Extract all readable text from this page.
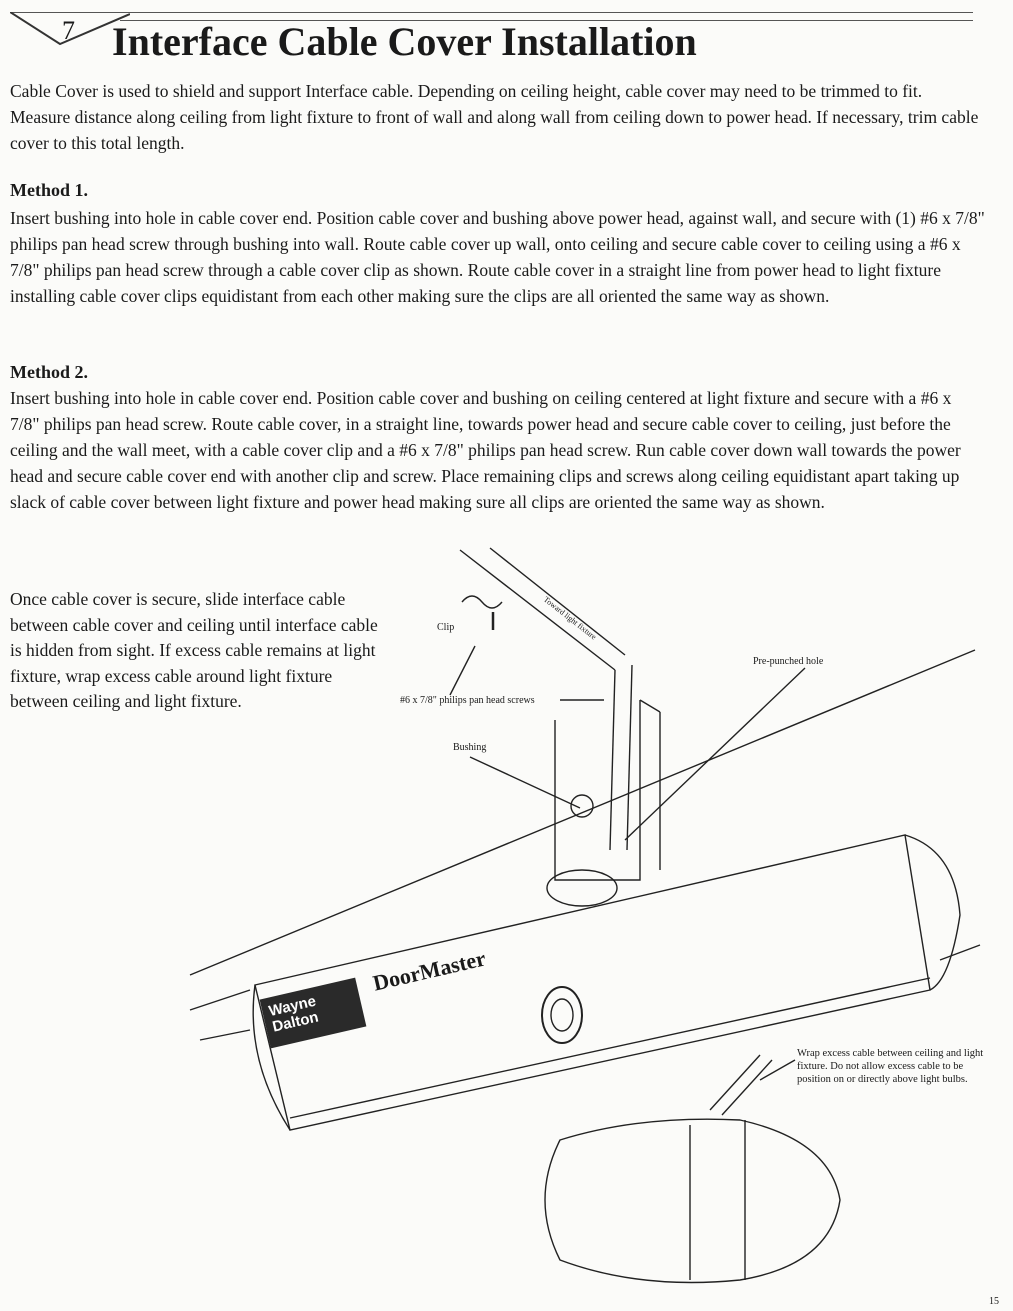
7 Interface Cable Cover Installation

Cable Cover is used to shield and support Interface cable. Depending on ceiling height, cable cover may need to be trimmed to fit. Measure distance along ceiling from light fixture to front of wall and along wall from ceiling down to power head. If necessary, trim cable cover to this total length.

Method 1.

Insert bushing into hole in cable cover end. Position cable cover and bushing above power head, against wall, and secure with (1) #6 x 7/8" philips pan head screw through bushing into wall. Route cable cover up wall, onto ceiling and secure cable cover to ceiling using a #6 x 7/8" philips pan head screw through a cable cover clip as shown. Route cable cover in a straight line from power head to light fixture installing cable cover clips equidistant from each other making sure the clips are all oriented the same way as shown.

Method 2.

Insert bushing into hole in cable cover end. Position cable cover and bushing on ceiling centered at light fixture and secure with a #6 x 7/8" philips pan head screw. Route cable cover, in a straight line, towards power head and secure cable cover to ceiling, just before the ceiling and the wall meet, with a cable cover clip and a #6 x 7/8" philips pan head screw. Run cable cover down wall towards the power head and secure cable cover end with another clip and screw. Place remaining clips and screws along ceiling equidistant apart taking up slack of cable cover between light fixture and power head making sure all clips are oriented the same way as shown.

Once cable cover is secure, slide interface cable between cable cover and ceiling until interface cable is hidden from sight. If excess cable remains at light fixture, wrap excess cable around light fixture between ceiling and light fixture.

Clip
#6 x 7/8" philips pan head screws
Bushing
Pre-punched hole
Toward light fixture
Wayne Dalton
DoorMaster
Wrap excess cable between ceiling and light fixture. Do not allow excess cable to be position on or directly above light bulbs.
15
